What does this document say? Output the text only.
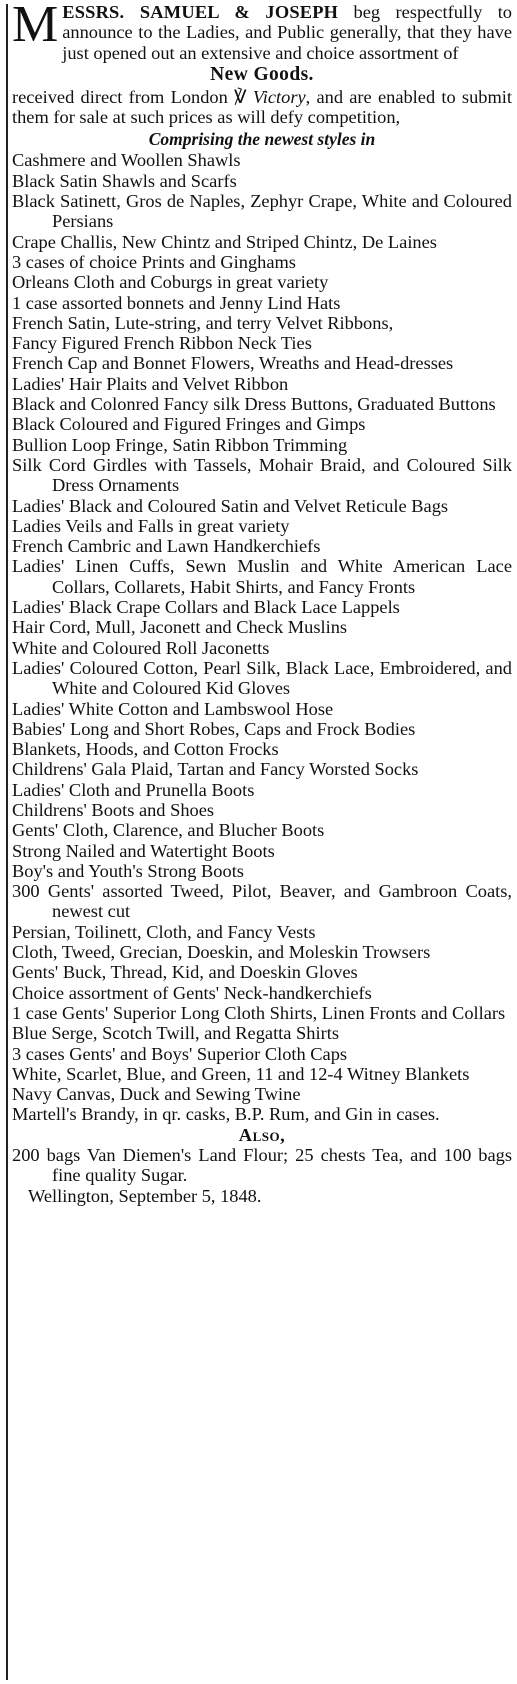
MESSRS. SAMUEL & JOSEPH beg respectfully to announce to the Ladies, and Public generally, that they have just opened out an extensive and choice assortment of

New Goods.

received direct from London ℣ Victory, and are enabled to submit them for sale at such prices as will defy competition,

Comprising the newest styles in

Cashmere and Woollen Shawls
Black Satin Shawls and Scarfs
Black Satinett, Gros de Naples, Zephyr Crape, White and Coloured Persians
Crape Challis, New Chintz and Striped Chintz, De Laines
3 cases of choice Prints and Ginghams
Orleans Cloth and Coburgs in great variety
1 case assorted bonnets and Jenny Lind Hats
French Satin, Lute-string, and terry Velvet Ribbons,
Fancy Figured French Ribbon Neck Ties
French Cap and Bonnet Flowers, Wreaths and Head-dresses
Ladies' Hair Plaits and Velvet Ribbon
Black and Colonred Fancy silk Dress Buttons, Graduated Buttons
Black Coloured and Figured Fringes and Gimps
Bullion Loop Fringe, Satin Ribbon Trimming
Silk Cord Girdles with Tassels, Mohair Braid, and Coloured Silk Dress Ornaments
Ladies' Black and Coloured Satin and Velvet Reticule Bags
Ladies Veils and Falls in great variety
French Cambric and Lawn Handkerchiefs
Ladies' Linen Cuffs, Sewn Muslin and White American Lace Collars, Collarets, Habit Shirts, and Fancy Fronts
Ladies' Black Crape Collars and Black Lace Lappels
Hair Cord, Mull, Jaconett and Check Muslins
White and Coloured Roll Jaconetts
Ladies' Coloured Cotton, Pearl Silk, Black Lace, Embroidered, and White and Coloured Kid Gloves
Ladies' White Cotton and Lambswool Hose
Babies' Long and Short Robes, Caps and Frock Bodies
Blankets, Hoods, and Cotton Frocks
Childrens' Gala Plaid, Tartan and Fancy Worsted Socks
Ladies' Cloth and Prunella Boots
Childrens' Boots and Shoes
Gents' Cloth, Clarence, and Blucher Boots
Strong Nailed and Watertight Boots
Boy's and Youth's Strong Boots
300 Gents' assorted Tweed, Pilot, Beaver, and Gambroon Coats, newest cut
Persian, Toilinett, Cloth, and Fancy Vests
Cloth, Tweed, Grecian, Doeskin, and Moleskin Trowsers
Gents' Buck, Thread, Kid, and Doeskin Gloves
Choice assortment of Gents' Neck-handkerchiefs
1 case Gents' Superior Long Cloth Shirts, Linen Fronts and Collars
Blue Serge, Scotch Twill, and Regatta Shirts
3 cases Gents' and Boys' Superior Cloth Caps
White, Scarlet, Blue, and Green, 11 and 12-4 Witney Blankets
Navy Canvas, Duck and Sewing Twine
Martell's Brandy, in qr. casks, B.P. Rum, and Gin in cases.

Also,

200 bags Van Diemen's Land Flour; 25 chests Tea, and 100 bags fine quality Sugar.

Wellington, September 5, 1848.
